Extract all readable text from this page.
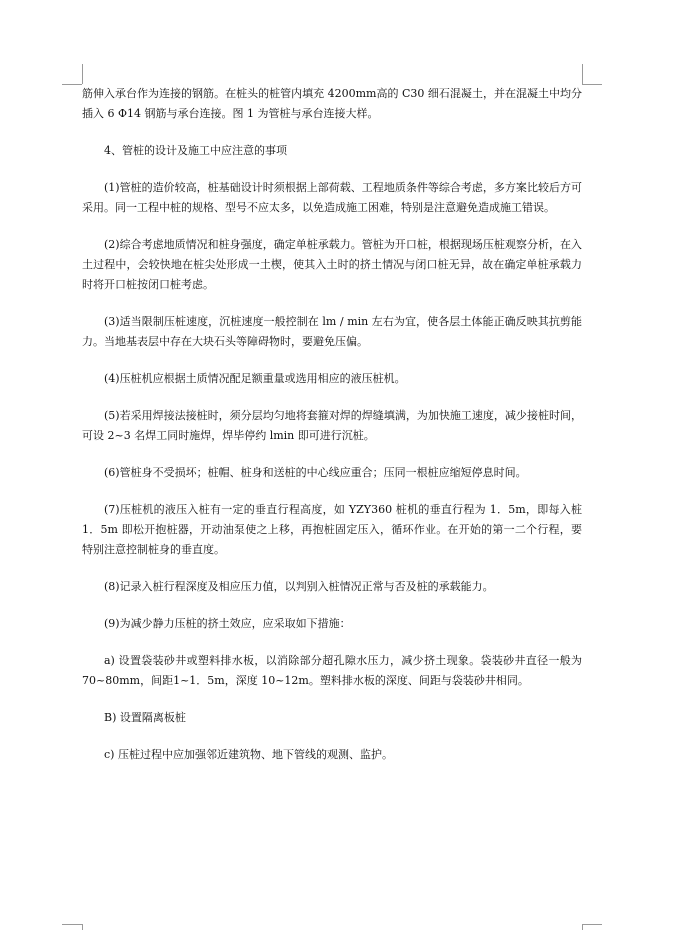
筋伸入承台作为连接的钢筋。在桩头的桩管内填充 4200mm高的 C30 细石混凝土，并在混凝土中均分插入 6 Φ14 钢筋与承台连接。图 1 为管桩与承台连接大样。

4、管桩的设计及施工中应注意的事项

(1)管桩的造价较高，桩基础设计时须根据上部荷载、工程地质条件等综合考虑，多方案比较后方可采用。同一工程中桩的规格、型号不应太多，以免造成施工困难，特别是注意避免造成施工错误。

(2)综合考虑地质情况和桩身强度，确定单桩承载力。管桩为开口桩，根据现场压桩观察分析，在入土过程中，会较快地在桩尖处形成一土楔，使其入土时的挤土情况与闭口桩无异，故在确定单桩承载力时将开口桩按闭口桩考虑。

(3)适当限制压桩速度，沉桩速度一般控制在 lm / min 左右为宜，使各层土体能正确反映其抗剪能力。当地基表层中存在大块石头等障碍物时，要避免压偏。

(4)压桩机应根据土质情况配足额重量或选用相应的液压桩机。

(5)若采用焊接法接桩时，须分层均匀地将套箍对焊的焊缝填满，为加快施工速度，减少接桩时间，可设 2~3 名焊工同时施焊，焊毕停约 lmin 即可进行沉桩。

(6)管桩身不受损坏；桩帽、桩身和送桩的中心线应重合；压同一根桩应缩短停息时间。

(7)压桩机的液压入桩有一定的垂直行程高度，如 YZY360 桩机的垂直行程为 1．5m，即每入桩 1．5m 即松开抱桩器，开动油泵使之上移，再抱桩固定压入，循环作业。在开始的第一二个行程，要特别注意控制桩身的垂直度。

(8)记录入桩行程深度及相应压力值，以判别入桩情况正常与否及桩的承载能力。

(9)为减少静力压桩的挤土效应，应采取如下措施：

a) 设置袋装砂井或塑料排水板，以消除部分超孔隙水压力，减少挤土现象。袋装砂井直径一般为 70~80mm，间距1~1．5m，深度 10~12m。塑料排水板的深度、间距与袋装砂井相同。

B) 设置隔离板桩

c) 压桩过程中应加强邻近建筑物、地下管线的观测、监护。
